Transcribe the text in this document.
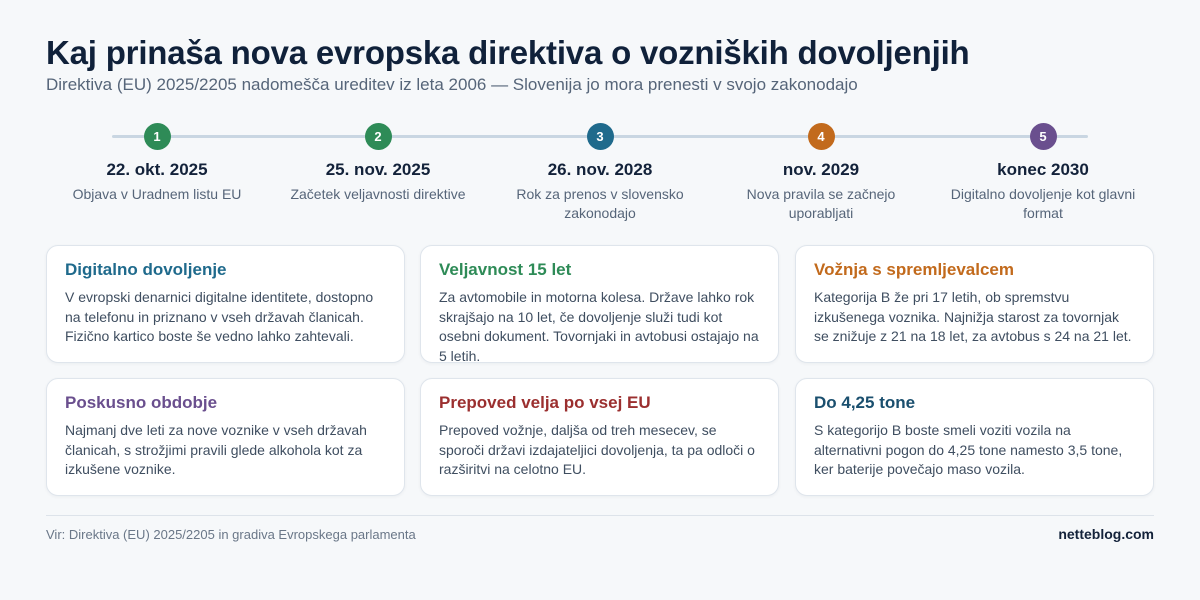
Kaj prinaša nova evropska direktiva o vozniških dovoljenjih
Direktiva (EU) 2025/2205 nadomešča ureditev iz leta 2006 — Slovenija jo mora prenesti v svojo zakonodajo
1
22. okt. 2025
Objava v Uradnem listu EU
2
25. nov. 2025
Začetek veljavnosti direktive
3
26. nov. 2028
Rok za prenos v slovensko zakonodajo
4
nov. 2029
Nova pravila se začnejo uporabljati
5
konec 2030
Digitalno dovoljenje kot glavni format
Digitalno dovoljenje
V evropski denarnici digitalne identitete, dostopno na telefonu in priznano v vseh državah članicah. Fizično kartico boste še vedno lahko zahtevali.
Veljavnost 15 let
Za avtomobile in motorna kolesa. Države lahko rok skrajšajo na 10 let, če dovoljenje služi tudi kot osebni dokument. Tovornjaki in avtobusi ostajajo na 5 letih.
Vožnja s spremljevalcem
Kategorija B že pri 17 letih, ob spremstvu izkušenega voznika. Najnižja starost za tovornjak se znižuje z 21 na 18 let, za avtobus s 24 na 21 let.
Poskusno obdobje
Najmanj dve leti za nove voznike v vseh državah članicah, s strožjimi pravili glede alkohola kot za izkušene voznike.
Prepoved velja po vsej EU
Prepoved vožnje, daljša od treh mesecev, se sporoči državi izdajateljici dovoljenja, ta pa odloči o razširitvi na celotno EU.
Do 4,25 tone
S kategorijo B boste smeli voziti vozila na alternativni pogon do 4,25 tone namesto 3,5 tone, ker baterije povečajo maso vozila.
Vir: Direktiva (EU) 2025/2205 in gradiva Evropskega parlamenta	netteblog.com
